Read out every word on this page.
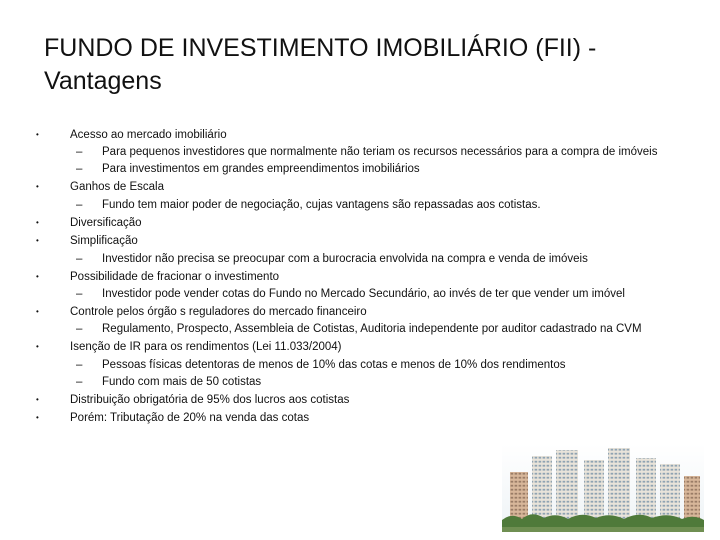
FUNDO DE INVESTIMENTO IMOBILIÁRIO (FII) - Vantagens
•	Acesso ao mercado imobiliário
– Para pequenos investidores que normalmente não teriam os recursos necessários para a compra de imóveis
– Para investimentos em grandes empreendimentos imobiliários
•	Ganhos de Escala
– Fundo tem maior poder de negociação, cujas vantagens são repassadas aos cotistas.
•	Diversificação
•	Simplificação
– Investidor não precisa se preocupar com a burocracia envolvida na compra e venda de imóveis
•	Possibilidade de fracionar o investimento
– Investidor pode vender cotas do Fundo no Mercado Secundário, ao invés de ter que vender um imóvel
•	Controle pelos órgão s reguladores do mercado financeiro
– Regulamento, Prospecto, Assembleia de Cotistas, Auditoria independente por auditor cadastrado na CVM
•	Isenção de IR para os rendimentos (Lei 11.033/2004)
– Pessoas físicas detentoras de menos de 10% das cotas e menos de 10% dos rendimentos
– Fundo com mais de 50 cotistas
•	Distribuição obrigatória de 95% dos lucros aos cotistas
•	Porém: Tributação de 20% na venda das cotas
